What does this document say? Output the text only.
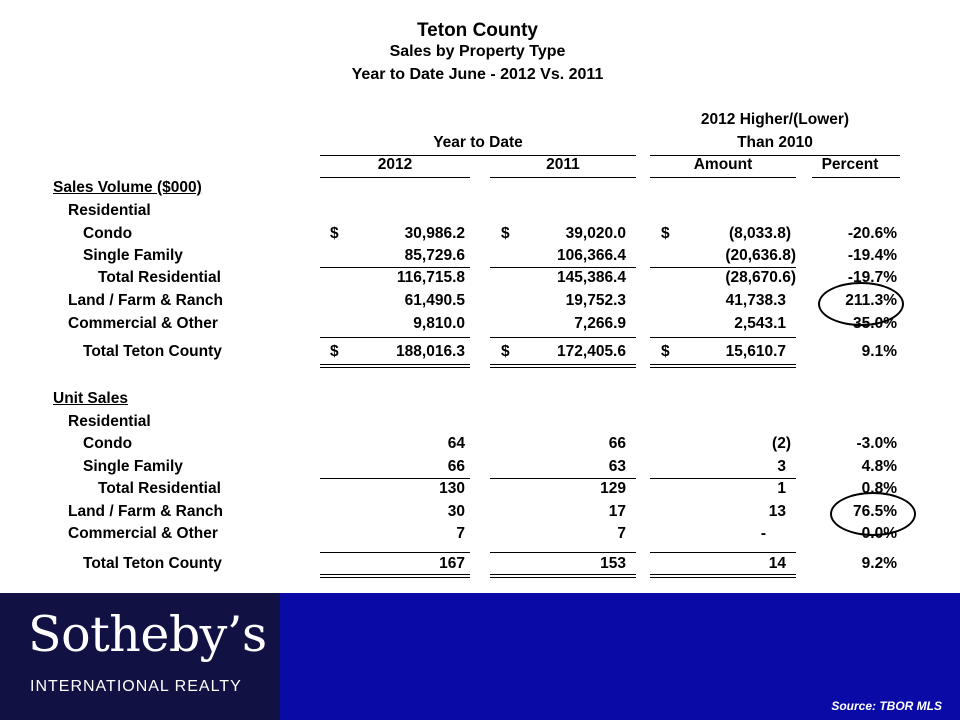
Teton County
Sales by Property Type
Year to Date June - 2012 Vs. 2011
2012 Higher/(Lower)
Year to Date	Than 2010
2012	2011	Amount	Percent
Sales Volume ($000)
Residential
Condo	$	30,986.2 $	39,020.0 $	(8,033.8)	-20.6%
Single Family	85,729.6	106,366.4	(20,636.8)	-19.4%
Total Residential	116,715.8	145,386.4	(28,670.6)	-19.7%
Land / Farm & Ranch	61,490.5	19,752.3	41,738.3	211.3%
Commercial & Other	9,810.0	7,266.9	2,543.1	35.0%
Total Teton County	$	188,016.3 $	172,405.6 $	15,610.7	9.1%
Unit Sales
Residential
Condo	64	66	(2)	-3.0%
Single Family	66	63	3	4.8%
Total Residential	130	129	1	0.8%
Land / Farm & Ranch	30	17	13	76.5%
Commercial & Other	7	7	-	0.0%
Total Teton County	167	153	14	9.2%
Sotheby’s
INTERNATIONAL REALTY
Source: TBOR MLS
